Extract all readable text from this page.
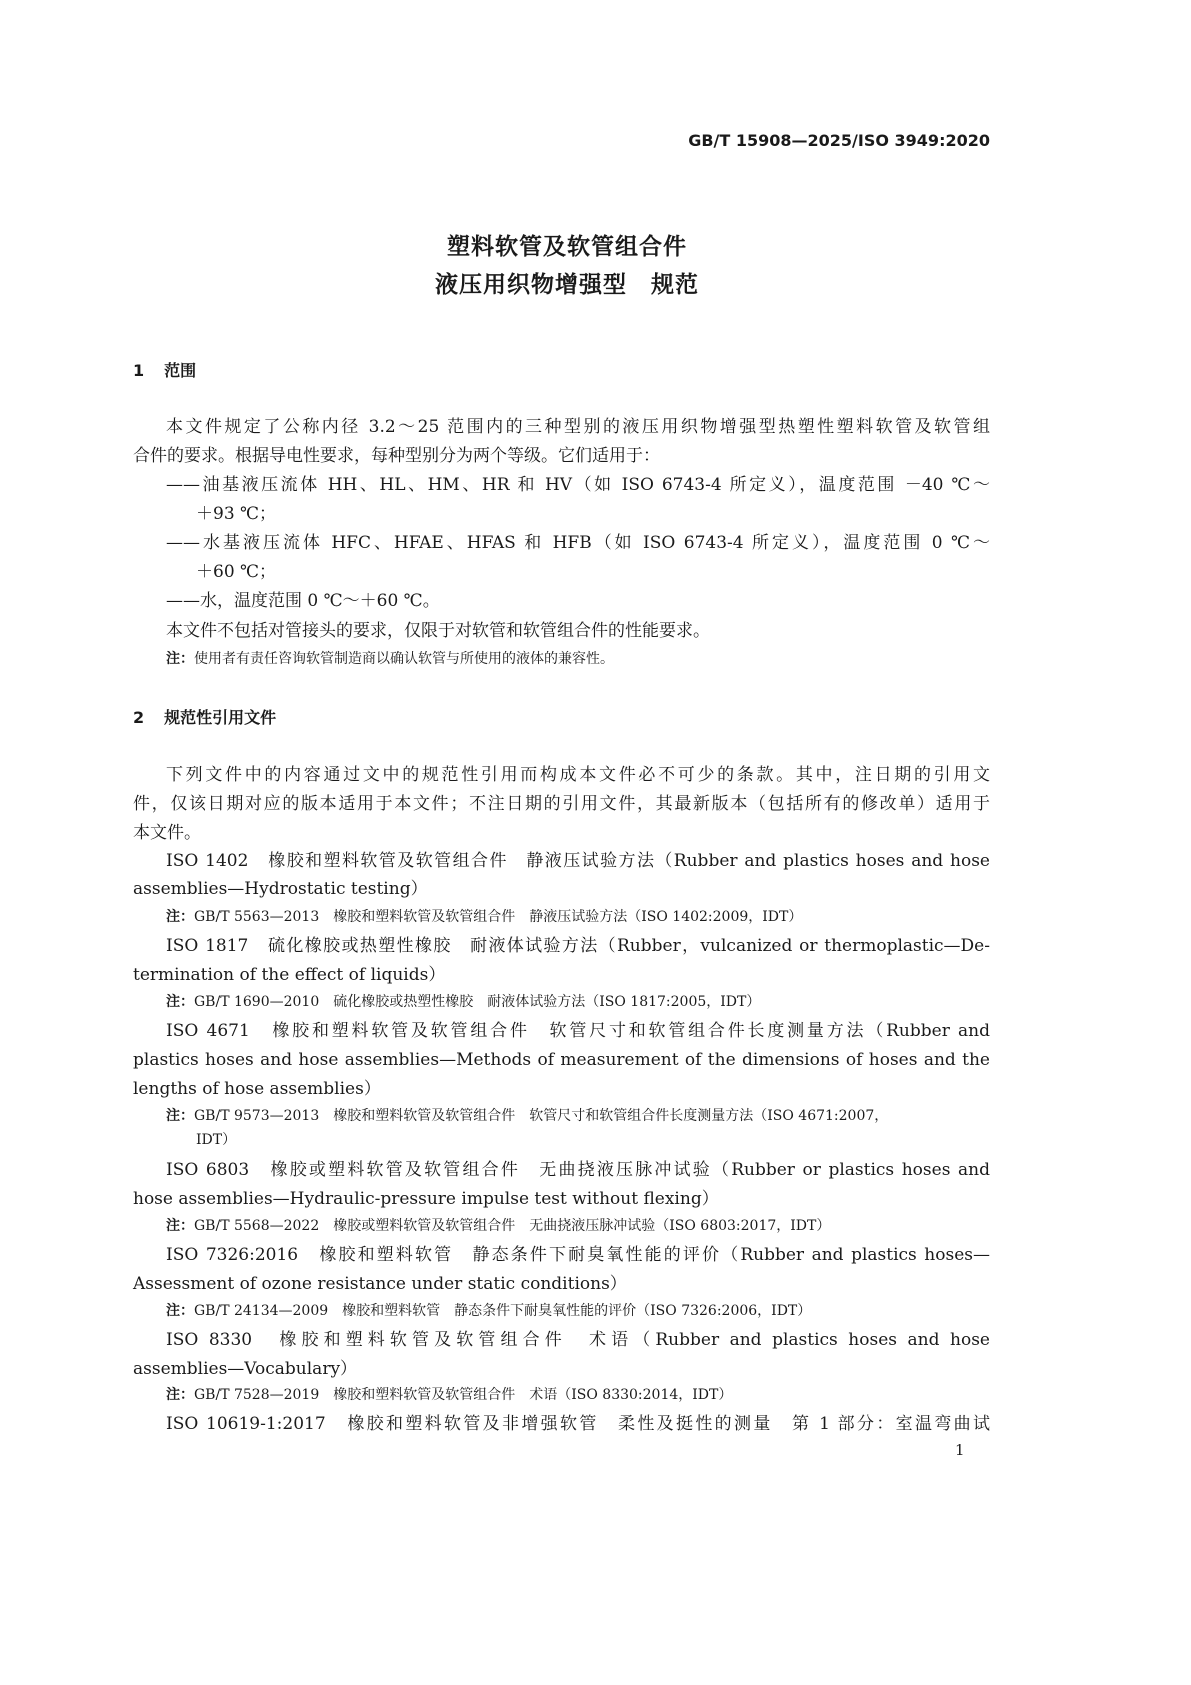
GB/T 15908—2025/ISO 3949:2020
塑料软管及软管组合件
液压用织物增强型　规范
1 范围
本文件规定了公称内径 3.2～25 范围内的三种型别的液压用织物增强型热塑性塑料软管及软管组
合件的要求。根据导电性要求，每种型别分为两个等级。它们适用于：
——油基液压流体 HH、HL、HM、HR 和 HV（如 ISO 6743-4 所定义），温度范围 －40 ℃～
＋93 ℃；
——水基液压流体 HFC、HFAE、HFAS 和 HFB（如 ISO 6743-4 所定义），温度范围 0 ℃～
＋60 ℃；
——水，温度范围 0 ℃～＋60 ℃。
本文件不包括对管接头的要求，仅限于对软管和软管组合件的性能要求。
注：使用者有责任咨询软管制造商以确认软管与所使用的液体的兼容性。
2 规范性引用文件
下列文件中的内容通过文中的规范性引用而构成本文件必不可少的条款。其中，注日期的引用文
件，仅该日期对应的版本适用于本文件；不注日期的引用文件，其最新版本（包括所有的修改单）适用于
本文件。
ISO 1402　橡胶和塑料软管及软管组合件　静液压试验方法（Rubber and plastics hoses and hose
assemblies—Hydrostatic testing）
注：GB/T 5563—2013　橡胶和塑料软管及软管组合件　静液压试验方法（ISO 1402:2009，IDT）
ISO 1817　硫化橡胶或热塑性橡胶　耐液体试验方法（Rubber，vulcanized or thermoplastic—De-
termination of the effect of liquids）
注：GB/T 1690—2010　硫化橡胶或热塑性橡胶　耐液体试验方法（ISO 1817:2005，IDT）
ISO 4671　橡胶和塑料软管及软管组合件　软管尺寸和软管组合件长度测量方法（Rubber and
plastics hoses and hose assemblies—Methods of measurement of the dimensions of hoses and the
lengths of hose assemblies）
注：GB/T 9573—2013　橡胶和塑料软管及软管组合件　软管尺寸和软管组合件长度测量方法（ISO 4671:2007，
IDT）
ISO 6803　橡胶或塑料软管及软管组合件　无曲挠液压脉冲试验（Rubber or plastics hoses and
hose assemblies—Hydraulic-pressure impulse test without flexing）
注：GB/T 5568—2022　橡胶或塑料软管及软管组合件　无曲挠液压脉冲试验（ISO 6803:2017，IDT）
ISO 7326:2016　橡胶和塑料软管　静态条件下耐臭氧性能的评价（Rubber and plastics hoses—
Assessment of ozone resistance under static conditions）
注：GB/T 24134—2009　橡胶和塑料软管　静态条件下耐臭氧性能的评价（ISO 7326:2006，IDT）
ISO 8330　橡胶和塑料软管及软管组合件　术语（Rubber and plastics hoses and hose
assemblies—Vocabulary）
注：GB/T 7528—2019　橡胶和塑料软管及软管组合件　术语（ISO 8330:2014，IDT）
ISO 10619-1:2017　橡胶和塑料软管及非增强软管　柔性及挺性的测量　第 1 部分：室温弯曲试
1
